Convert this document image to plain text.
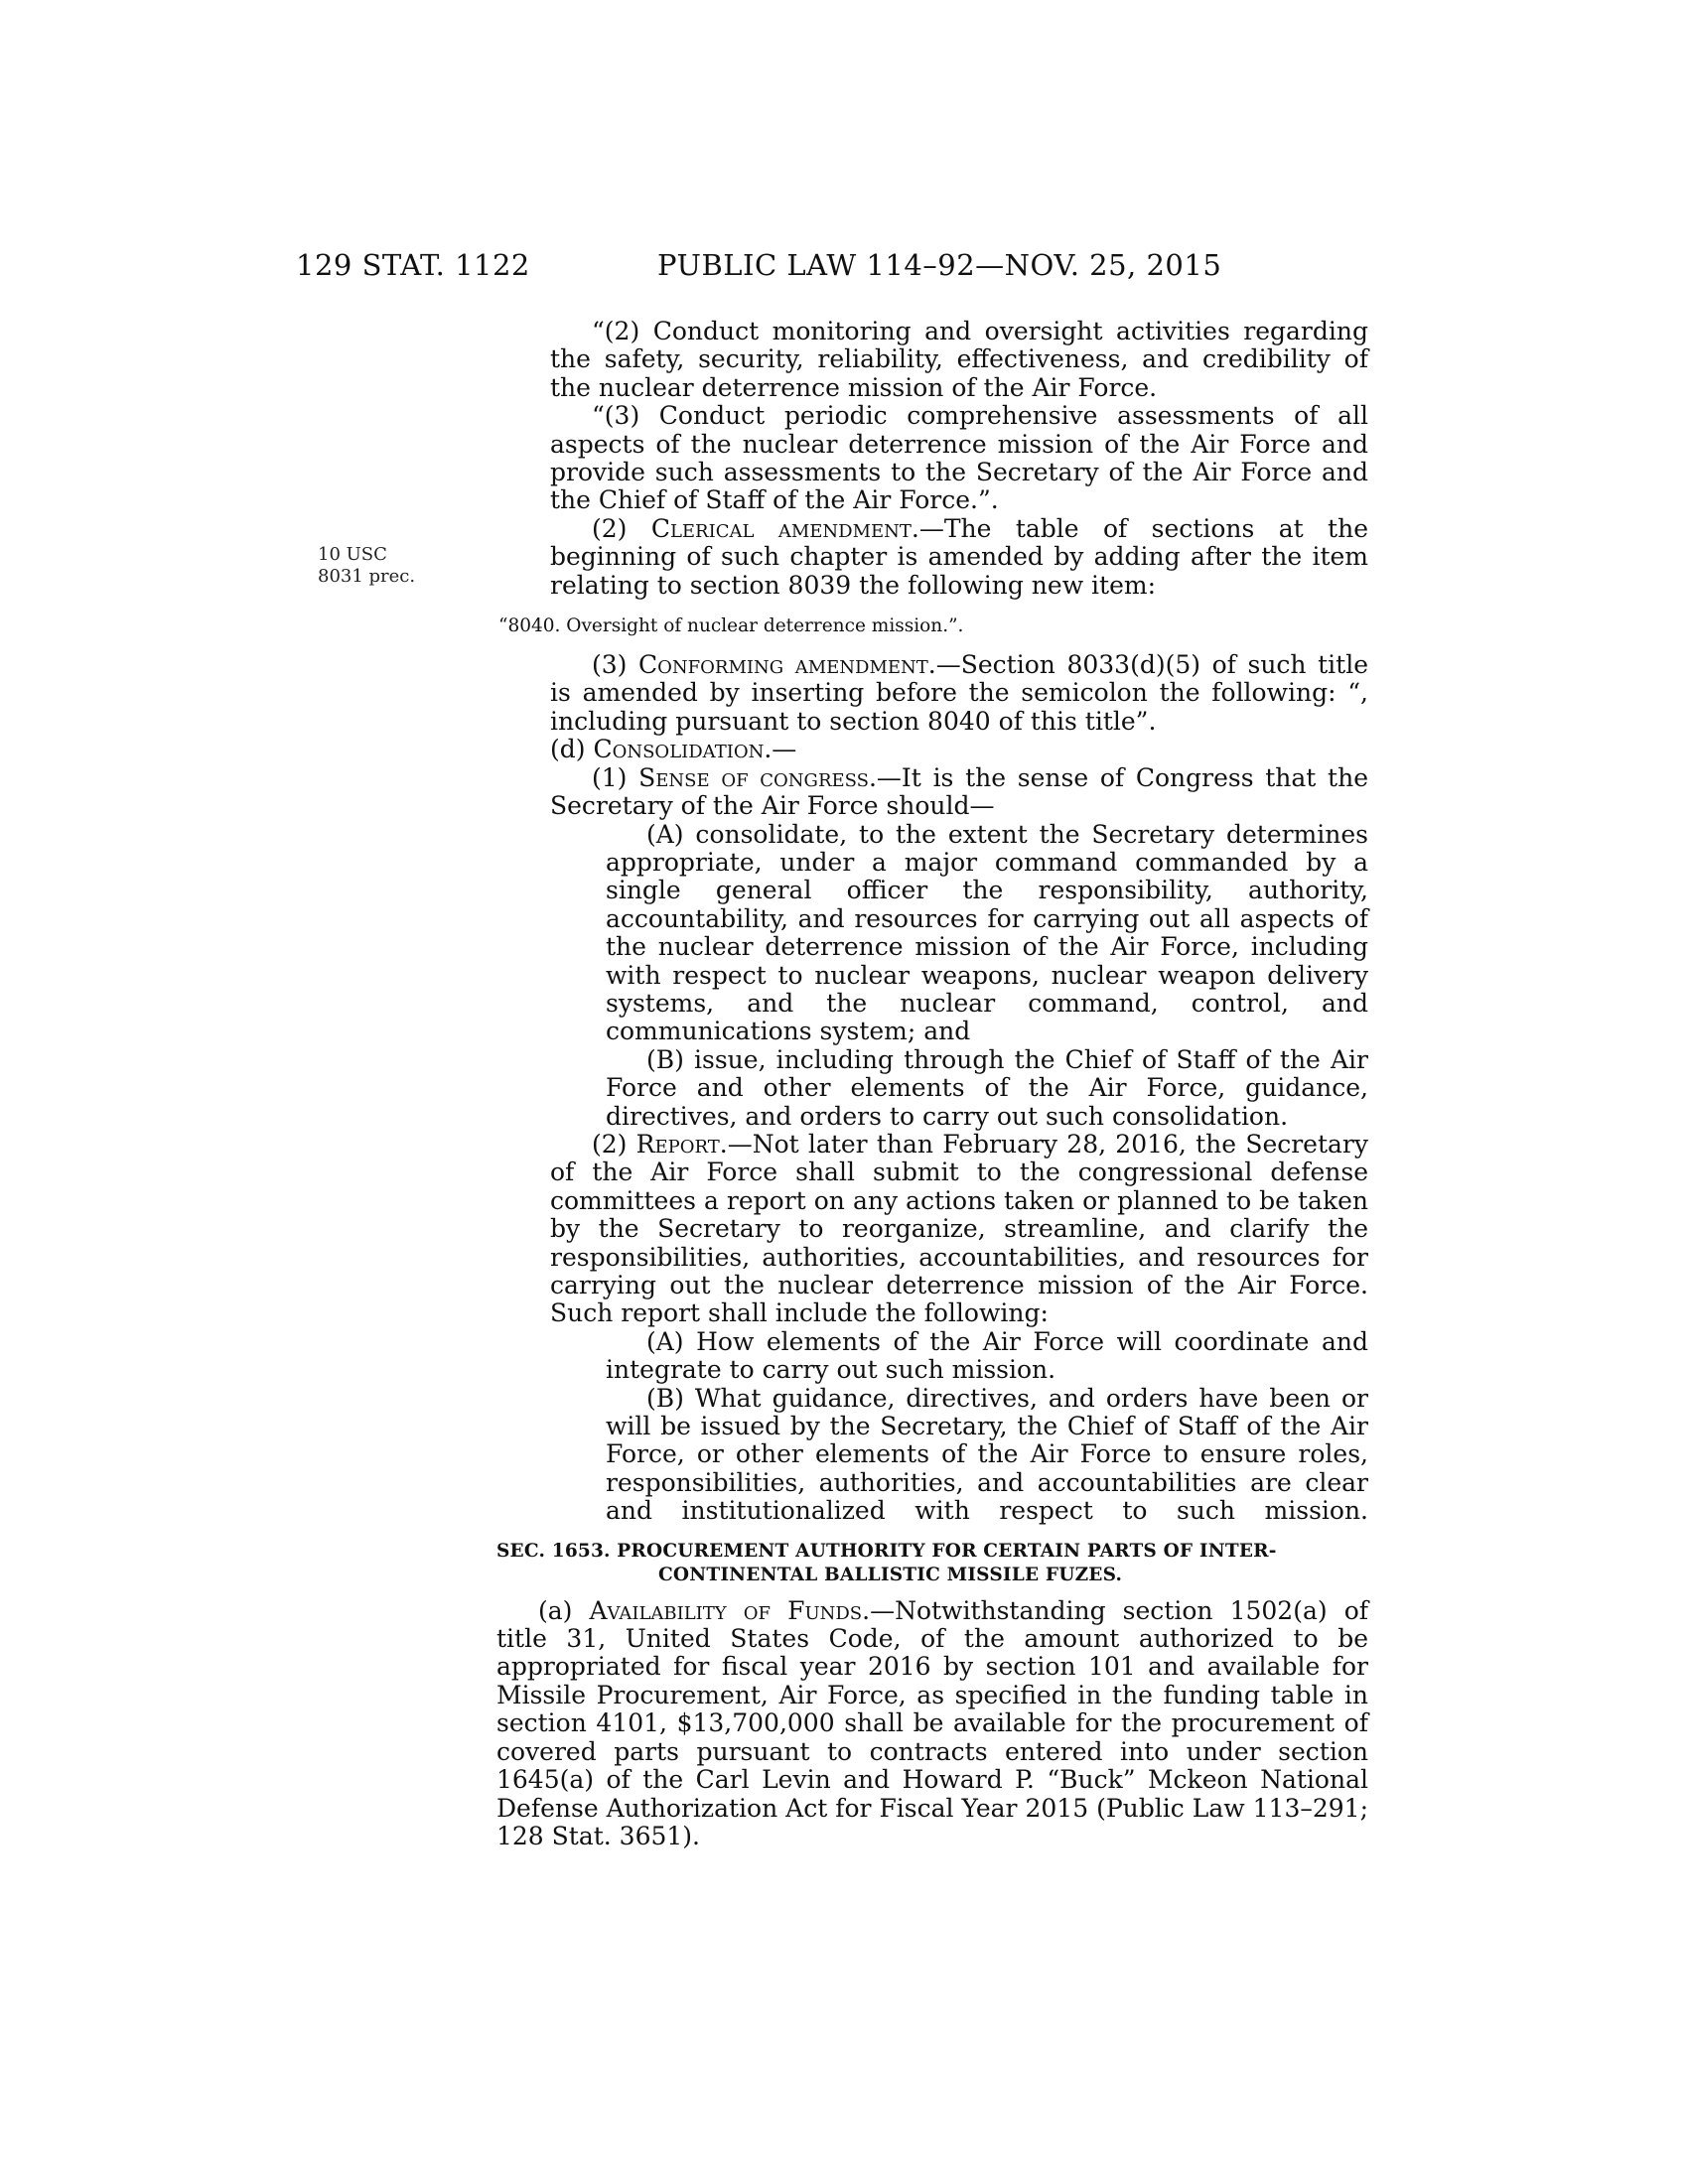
129 STAT. 1122	PUBLIC LAW 114–92—NOV. 25, 2015
10 USC
8031 prec.

“(2) Conduct monitoring and oversight activities regarding the safety, security, reliability, effectiveness, and credibility of the nuclear deterrence mission of the Air Force.

“(3) Conduct periodic comprehensive assessments of all aspects of the nuclear deterrence mission of the Air Force and provide such assessments to the Secretary of the Air Force and the Chief of Staff of the Air Force.”.

(2) Clerical amendment.—The table of sections at the beginning of such chapter is amended by adding after the item relating to section 8039 the following new item:

“8040. Oversight of nuclear deterrence mission.”.

(3) Conforming amendment.—Section 8033(d)(5) of such title is amended by inserting before the semicolon the following: “, including pursuant to section 8040 of this title”.

(d) Consolidation.—

(1) Sense of congress.—It is the sense of Congress that the Secretary of the Air Force should—

(A) consolidate, to the extent the Secretary determines appropriate, under a major command commanded by a single general officer the responsibility, authority, accountability, and resources for carrying out all aspects of the nuclear deterrence mission of the Air Force, including with respect to nuclear weapons, nuclear weapon delivery systems, and the nuclear command, control, and communications system; and

(B) issue, including through the Chief of Staff of the Air Force and other elements of the Air Force, guidance, directives, and orders to carry out such consolidation.

(2) Report.—Not later than February 28, 2016, the Secretary of the Air Force shall submit to the congressional defense committees a report on any actions taken or planned to be taken by the Secretary to reorganize, streamline, and clarify the responsibilities, authorities, accountabilities, and resources for carrying out the nuclear deterrence mission of the Air Force. Such report shall include the following:

(A) How elements of the Air Force will coordinate and integrate to carry out such mission.

(B) What guidance, directives, and orders have been or will be issued by the Secretary, the Chief of Staff of the Air Force, or other elements of the Air Force to ensure roles, responsibilities, authorities, and accountabilities are clear and institutionalized with respect to such mission.

SEC. 1653. PROCUREMENT AUTHORITY FOR CERTAIN PARTS OF INTER-
CONTINENTAL BALLISTIC MISSILE FUZES.

(a) Availability of Funds.—Notwithstanding section 1502(a) of title 31, United States Code, of the amount authorized to be appropriated for fiscal year 2016 by section 101 and available for Missile Procurement, Air Force, as specified in the funding table in section 4101, $13,700,000 shall be available for the procurement of covered parts pursuant to contracts entered into under section 1645(a) of the Carl Levin and Howard P. “Buck” Mckeon National Defense Authorization Act for Fiscal Year 2015 (Public Law 113–291; 128 Stat. 3651).
